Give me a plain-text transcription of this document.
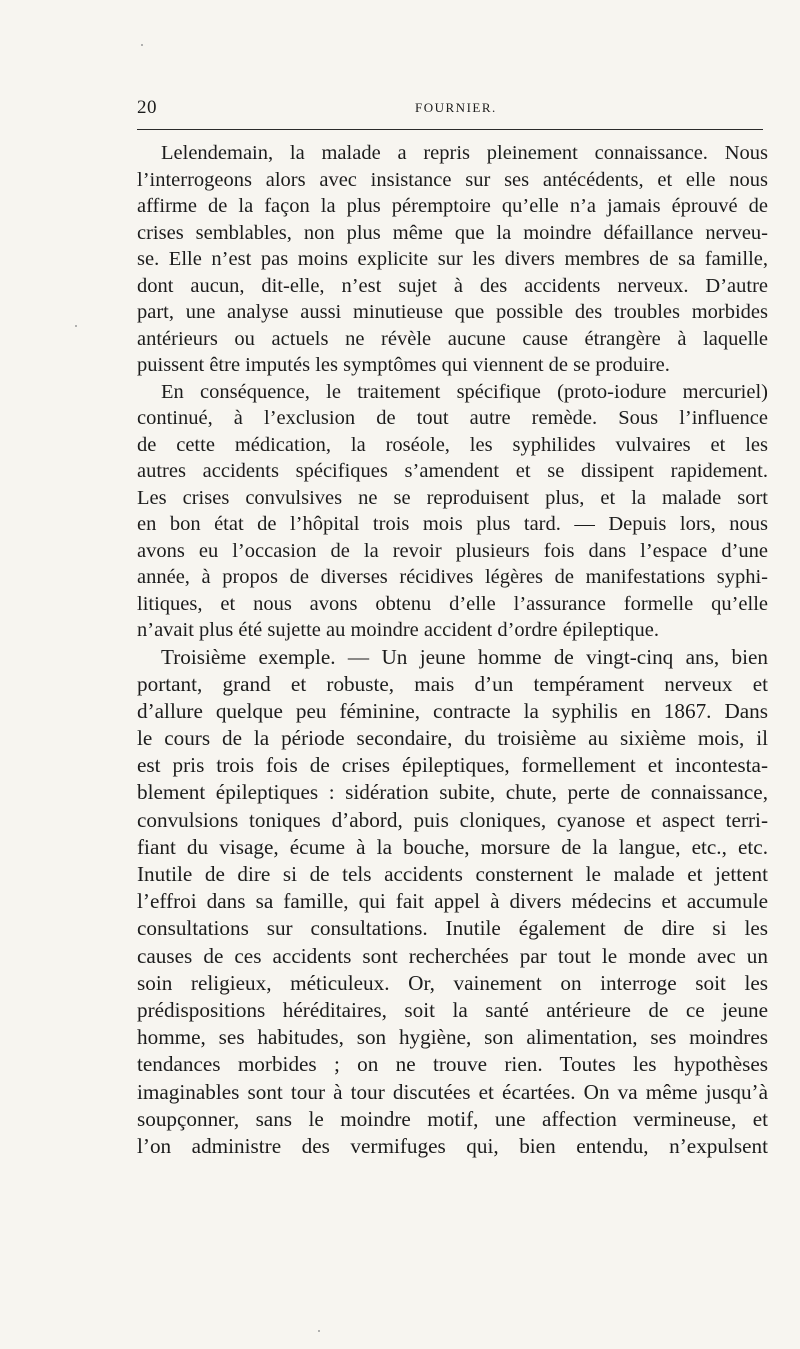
20	FOURNIER.
Lelendemain, la malade a repris pleinement connaissance. Nous
l’interrogeons alors avec insistance sur ses antécédents, et elle nous
affirme de la façon la plus péremptoire qu’elle n’a jamais éprouvé de
crises semblables, non plus même que la moindre défaillance nerveu-
se. Elle n’est pas moins explicite sur les divers membres de sa famille,
dont aucun, dit-elle, n’est sujet à des accidents nerveux. D’autre
part, une analyse aussi minutieuse que possible des troubles morbides
antérieurs ou actuels ne révèle aucune cause étrangère à laquelle
puissent être imputés les symptômes qui viennent de se produire.
En conséquence, le traitement spécifique (proto-iodure mercuriel)
continué, à l’exclusion de tout autre remède. Sous l’influence
de cette médication, la roséole, les syphilides vulvaires et les
autres accidents spécifiques s’amendent et se dissipent rapidement.
Les crises convulsives ne se reproduisent plus, et la malade sort
en bon état de l’hôpital trois mois plus tard. — Depuis lors, nous
avons eu l’occasion de la revoir plusieurs fois dans l’espace d’une
année, à propos de diverses récidives légères de manifestations syphi-
litiques, et nous avons obtenu d’elle l’assurance formelle qu’elle
n’avait plus été sujette au moindre accident d’ordre épileptique.
Troisième exemple. — Un jeune homme de vingt-cinq ans, bien
portant, grand et robuste, mais d’un tempérament nerveux et
d’allure quelque peu féminine, contracte la syphilis en 1867. Dans
le cours de la période secondaire, du troisième au sixième mois, il
est pris trois fois de crises épileptiques, formellement et incontesta-
blement épileptiques : sidération subite, chute, perte de connaissance,
convulsions toniques d’abord, puis cloniques, cyanose et aspect terri-
fiant du visage, écume à la bouche, morsure de la langue, etc., etc.
Inutile de dire si de tels accidents consternent le malade et jettent
l’effroi dans sa famille, qui fait appel à divers médecins et accumule
consultations sur consultations. Inutile également de dire si les
causes de ces accidents sont recherchées par tout le monde avec un
soin religieux, méticuleux. Or, vainement on interroge soit les
prédispositions héréditaires, soit la santé antérieure de ce jeune
homme, ses habitudes, son hygiène, son alimentation, ses moindres
tendances morbides ; on ne trouve rien. Toutes les hypothèses
imaginables sont tour à tour discutées et écartées. On va même jusqu’à
soupçonner, sans le moindre motif, une affection vermineuse, et
l’on administre des vermifuges qui, bien entendu, n’expulsent
